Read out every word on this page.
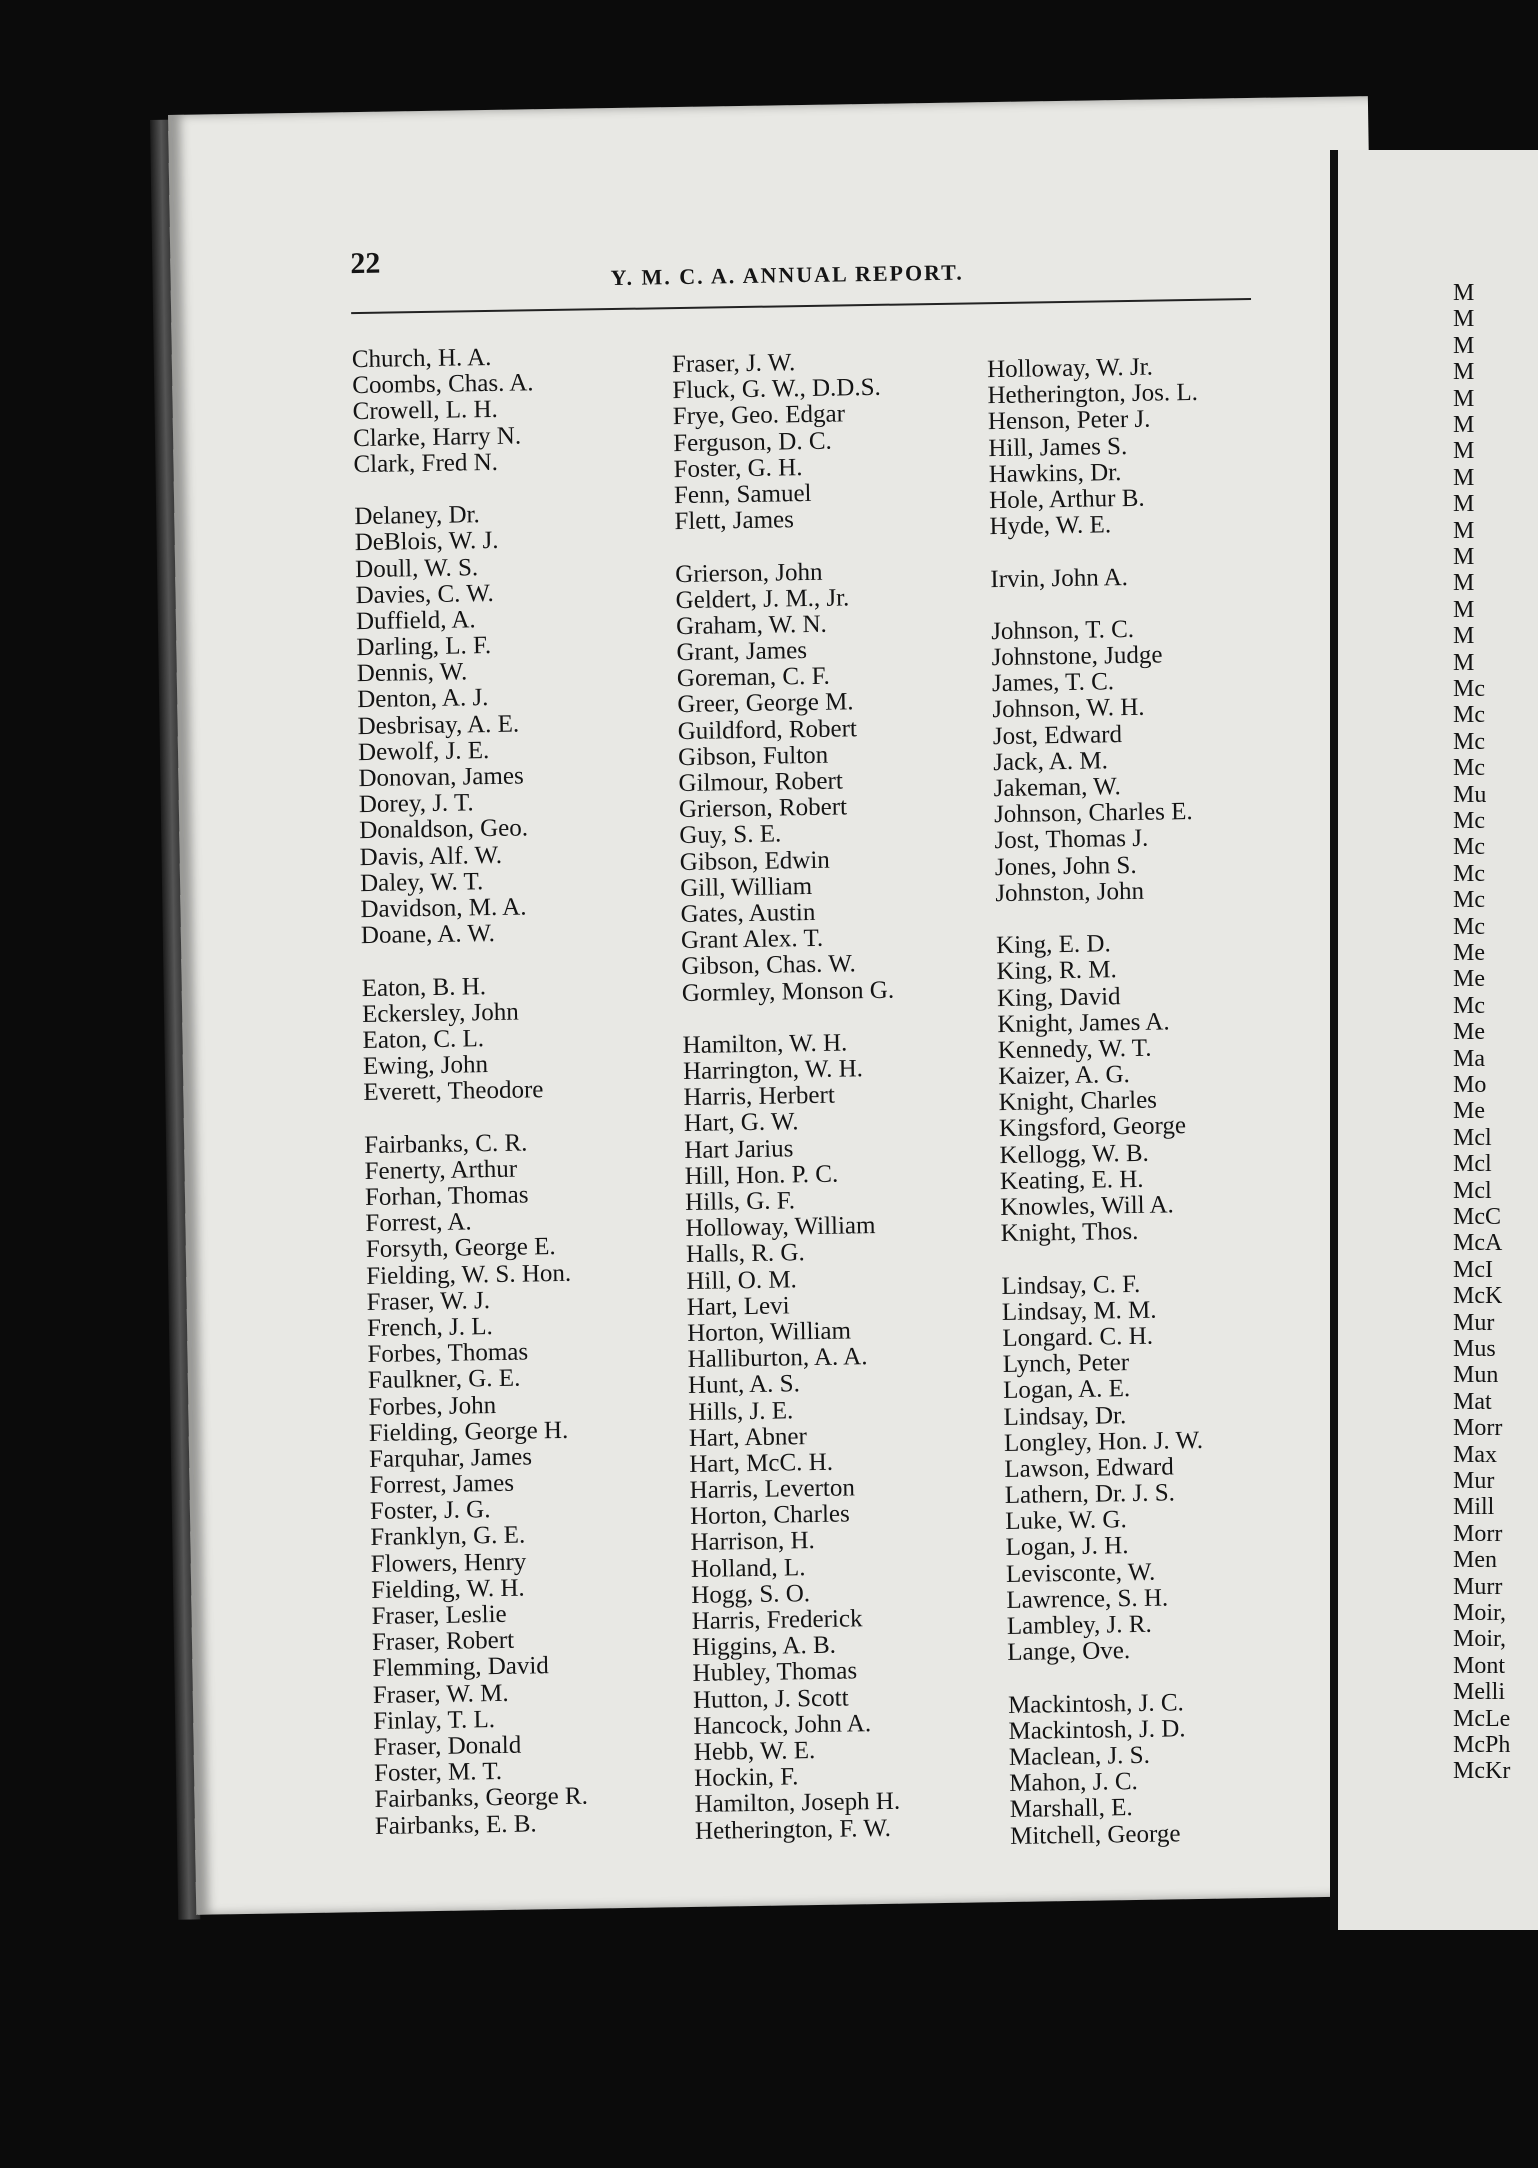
22	Y. M. C. A. ANNUAL REPORT.
Church, H. A.
Coombs, Chas. A.
Crowell, L. H.
Clarke, Harry N.
Clark, Fred N.
Delaney, Dr.
DeBlois, W. J.
Doull, W. S.
Davies, C. W.
Duffield, A.
Darling, L. F.
Dennis, W.
Denton, A. J.
Desbrisay, A. E.
Dewolf, J. E.
Donovan, James
Dorey, J. T.
Donaldson, Geo.
Davis, Alf. W.
Daley, W. T.
Davidson, M. A.
Doane, A. W.
Eaton, B. H.
Eckersley, John
Eaton, C. L.
Ewing, John
Everett, Theodore
Fairbanks, C. R.
Fenerty, Arthur
Forhan, Thomas
Forrest, A.
Forsyth, George E.
Fielding, W. S. Hon.
Fraser, W. J.
French, J. L.
Forbes, Thomas
Faulkner, G. E.
Forbes, John
Fielding, George H.
Farquhar, James
Forrest, James
Foster, J. G.
Franklyn, G. E.
Flowers, Henry
Fielding, W. H.
Fraser, Leslie
Fraser, Robert
Flemming, David
Fraser, W. M.
Finlay, T. L.
Fraser, Donald
Foster, M. T.
Fairbanks, George R.
Fairbanks, E. B.
Fraser, J. W.
Fluck, G. W., D.D.S.
Frye, Geo. Edgar
Ferguson, D. C.
Foster, G. H.
Fenn, Samuel
Flett, James
Grierson, John
Geldert, J. M., Jr.
Graham, W. N.
Grant, James
Goreman, C. F.
Greer, George M.
Guildford, Robert
Gibson, Fulton
Gilmour, Robert
Grierson, Robert
Guy, S. E.
Gibson, Edwin
Gill, William
Gates, Austin
Grant Alex. T.
Gibson, Chas. W.
Gormley, Monson G.
Hamilton, W. H.
Harrington, W. H.
Harris, Herbert
Hart, G. W.
Hart Jarius
Hill, Hon. P. C.
Hills, G. F.
Holloway, William
Halls, R. G.
Hill, O. M.
Hart, Levi
Horton, William
Halliburton, A. A.
Hunt, A. S.
Hills, J. E.
Hart, Abner
Hart, McC. H.
Harris, Leverton
Horton, Charles
Harrison, H.
Holland, L.
Hogg, S. O.
Harris, Frederick
Higgins, A. B.
Hubley, Thomas
Hutton, J. Scott
Hancock, John A.
Hebb, W. E.
Hockin, F.
Hamilton, Joseph H.
Hetherington, F. W.
Holloway, W. Jr.
Hetherington, Jos. L.
Henson, Peter J.
Hill, James S.
Hawkins, Dr.
Hole, Arthur B.
Hyde, W. E.
Irvin, John A.
Johnson, T. C.
Johnstone, Judge
James, T. C.
Johnson, W. H.
Jost, Edward
Jack, A. M.
Jakeman, W.
Johnson, Charles E.
Jost, Thomas J.
Jones, John S.
Johnston, John
King, E. D.
King, R. M.
King, David
Knight, James A.
Kennedy, W. T.
Kaizer, A. G.
Knight, Charles
Kingsford, George
Kellogg, W. B.
Keating, E. H.
Knowles, Will A.
Knight, Thos.
Lindsay, C. F.
Lindsay, M. M.
Longard. C. H.
Lynch, Peter
Logan, A. E.
Lindsay, Dr.
Longley, Hon. J. W.
Lawson, Edward
Lathern, Dr. J. S.
Luke, W. G.
Logan, J. H.
Levisconte, W.
Lawrence, S. H.
Lambley, J. R.
Lange, Ove.
Mackintosh, J. C.
Mackintosh, J. D.
Maclean, J. S.
Mahon, J. C.
Marshall, E.
Mitchell, George
M
M
M
M
M
M
M
M
M
M
M
M
M
M
M
Mc
Mc
Mc
Mc
Mu
Mc
Mc
Mc
Mc
Mc
Me
Me
Mc
Me
Ma
Mo
Me
Mcl
Mcl
Mcl
McC
McA
McI
McK
Mur
Mus
Mun
Mat
Morr
Max
Mur
Mill
Morr
Men
Murr
Moir,
Moir,
Mont
Melli
McLe
McPh
McKr
